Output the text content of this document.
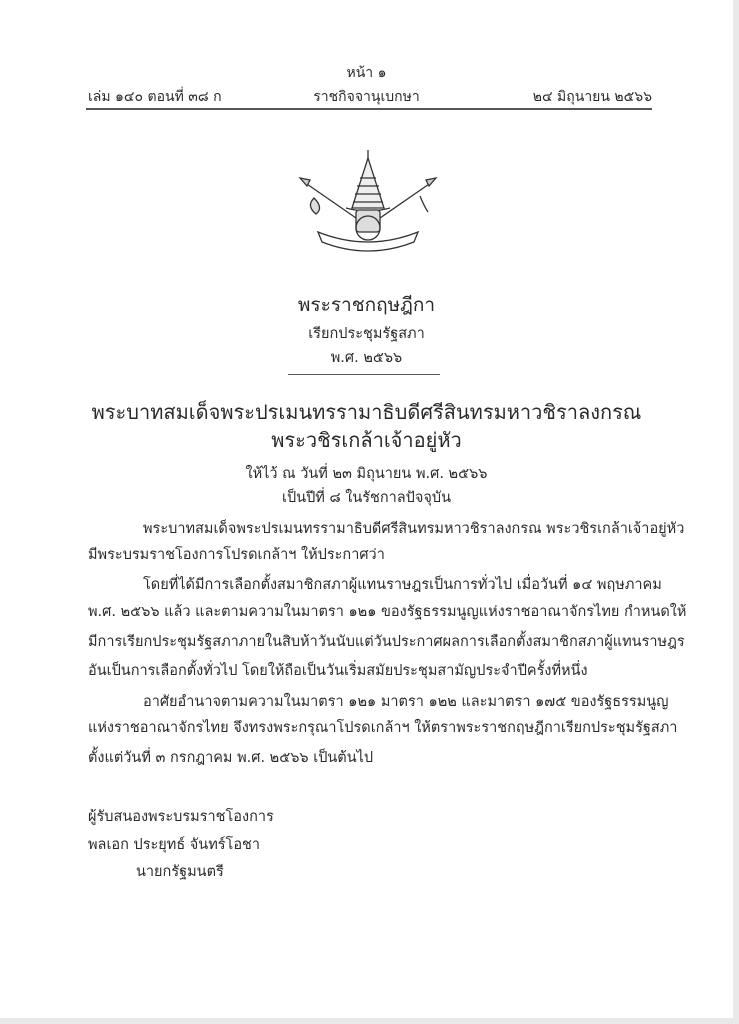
หน้า ๑
เล่ม ๑๔๐ ตอนที่ ๓๘ ก	ราชกิจจานุเบกษา	๒๔ มิถุนายน ๒๕๖๖
พระราชกฤษฎีกา
เรียกประชุมรัฐสภา
พ.ศ. ๒๕๖๖
พระบาทสมเด็จพระปรเมนทรรามาธิบดีศรีสินทรมหาวชิราลงกรณ
พระวชิรเกล้าเจ้าอยู่หัว
ให้ไว้ ณ วันที่ ๒๓ มิถุนายน พ.ศ. ๒๕๖๖
เป็นปีที่ ๘ ในรัชกาลปัจจุบัน
พระบาทสมเด็จพระปรเมนทรรามาธิบดีศรีสินทรมหาวชิราลงกรณ พระวชิรเกล้าเจ้าอยู่หัว
มีพระบรมราชโองการโปรดเกล้าฯ ให้ประกาศว่า
โดยที่ได้มีการเลือกตั้งสมาชิกสภาผู้แทนราษฎรเป็นการทั่วไป เมื่อวันที่ ๑๔ พฤษภาคม
พ.ศ. ๒๕๖๖ แล้ว และตามความในมาตรา ๑๒๑ ของรัฐธรรมนูญแห่งราชอาณาจักรไทย กำหนดให้
มีการเรียกประชุมรัฐสภาภายในสิบห้าวันนับแต่วันประกาศผลการเลือกตั้งสมาชิกสภาผู้แทนราษฎร
อันเป็นการเลือกตั้งทั่วไป โดยให้ถือเป็นวันเริ่มสมัยประชุมสามัญประจำปีครั้งที่หนึ่ง
อาศัยอำนาจตามความในมาตรา ๑๒๑ มาตรา ๑๒๒ และมาตรา ๑๗๕ ของรัฐธรรมนูญ
แห่งราชอาณาจักรไทย จึงทรงพระกรุณาโปรดเกล้าฯ ให้ตราพระราชกฤษฎีกาเรียกประชุมรัฐสภา
ตั้งแต่วันที่ ๓ กรกฎาคม พ.ศ. ๒๕๖๖ เป็นต้นไป
ผู้รับสนองพระบรมราชโองการ
พลเอก ประยุทธ์ จันทร์โอชา
นายกรัฐมนตรี
